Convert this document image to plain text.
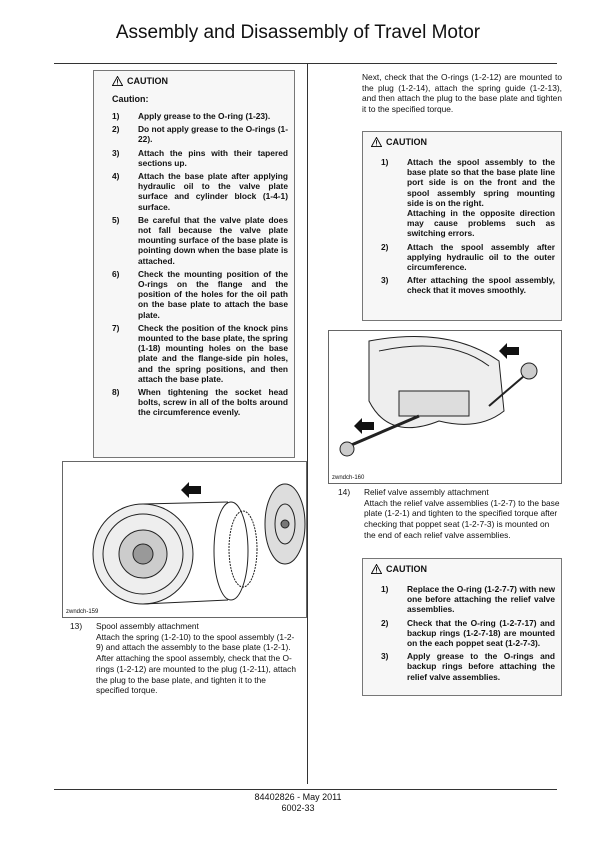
Assembly and Disassembly of Travel Motor
CAUTION
Caution:
1)	Apply grease to the O-ring (1-23).
2)	Do not apply grease to the O-rings (1-22).
3)	Attach the pins with their tapered sections up.
4)	Attach the base plate after applying hydraulic oil to the valve plate surface and cylinder block (1-4-1) surface.
5)	Be careful that the valve plate does not fall because the valve plate mounting surface of the base plate is pointing down when the base plate is attached.
6)	Check the mounting position of the O-rings on the flange and the position of the holes for the oil path on the base plate to attach the base plate.
7)	Check the position of the knock pins mounted to the base plate, the spring (1-18) mounting holes on the base plate and the flange-side pin holes, and the spring positions, and then attach the base plate.
8)	When tightening the socket head bolts, screw in all of the bolts around the circumference evenly.
zwndch-159
13)	Spool assembly attachment
Attach the spring (1-2-10) to the spool assembly (1-2-9) and attach the assembly to the base plate (1-2-1).
After attaching the spool assembly, check that the O-rings (1-2-12) are mounted to the plug (1-2-11), attach the plug to the base plate, and tighten it to the specified torque.
Next, check that the O-rings (1-2-12) are mounted to the plug (1-2-14), attach the spring guide (1-2-13), and then attach the plug to the base plate and tighten it to the specified torque.
CAUTION
1)	Attach the spool assembly to the base plate so that the base plate line port side is on the front and the spool assembly spring mounting side is on the right.
Attaching in the opposite direction may cause problems such as switching errors.
2)	Attach the spool assembly after applying hydraulic oil to the outer circumference.
3)	After attaching the spool assembly, check that it moves smoothly.
zwndch-160
14)	Relief valve assembly attachment
Attach the relief valve assemblies (1-2-7) to the base plate (1-2-1) and tighten to the specified torque after checking that poppet seat (1-2-7-3) is mounted on the end of each relief valve assemblies.
CAUTION
1)	Replace the O-ring (1-2-7-7) with new one before attaching the relief valve assemblies.
2)	Check that the O-ring (1-2-7-17) and backup rings (1-2-7-18) are mounted on the each poppet seat (1-2-7-3).
3)	Apply grease to the O-rings and backup rings before attaching the relief valve assemblies.
84402826 - May 2011
6002-33
